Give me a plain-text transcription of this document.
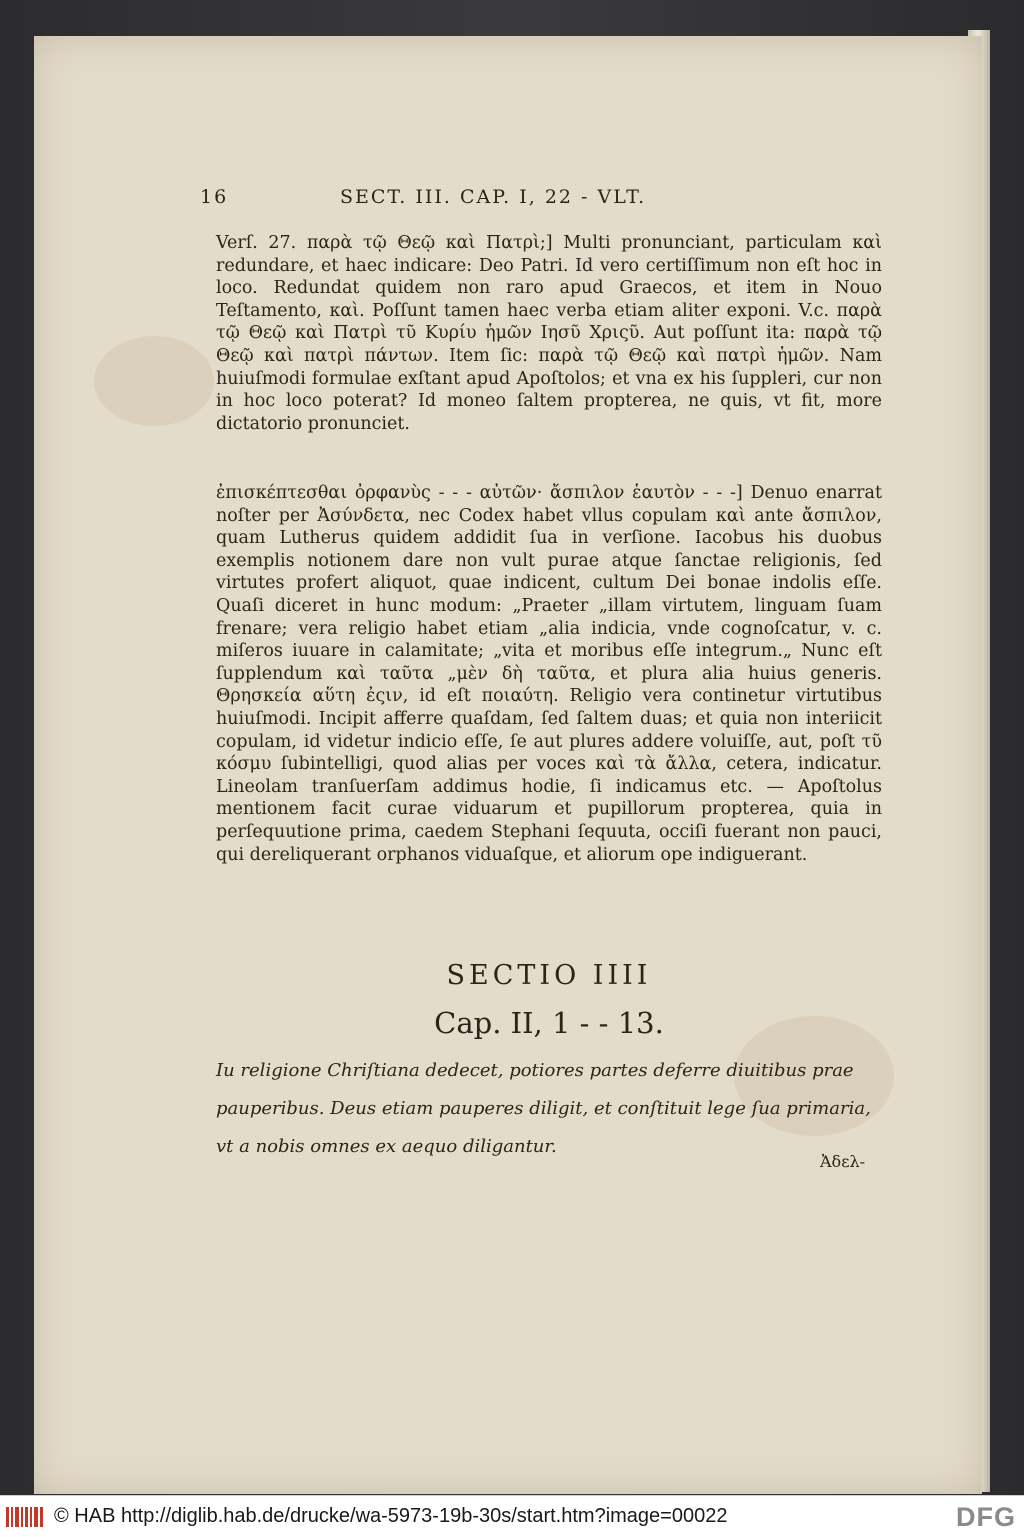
16	SECT. III. CAP. I, 22 - VLT.
Verſ. 27. παρὰ τῷ Θεῷ καὶ Πατρὶ;] Multi pronunciant, particulam καὶ redundare, et haec indicare: Deo Patri. Id vero certiſſimum non eſt hoc in loco. Redundat quidem non raro apud Graecos, et item in Nouo Teſtamento, καὶ. Poſſunt tamen haec verba etiam aliter exponi. V.c. παρὰ τῷ Θεῷ καὶ Πατρὶ τῦ Κυρίυ ἡμῶν Ιησῦ Χριςῦ. Aut poſſunt ita: παρὰ τῷ Θεῷ καὶ πατρὶ πάντων. Item ſic: παρὰ τῷ Θεῷ καὶ πατρὶ ἡμῶν. Nam huiuſmodi formulae exſtant apud Apoſtolos; et vna ex his ſuppleri, cur non in hoc loco poterat? Id moneo ſaltem propterea, ne quis, vt fit, more dictatorio pronunciet.
ἐπισκέπτεσθαι ὀρφανὺς - - - αὐτῶν· ἄσπιλον ἑαυτὸν - - -] Denuo enarrat noſter per Ἀσύνδετα, nec Codex habet vllus copulam καὶ ante ἄσπιλον, quam Lutherus quidem addidit ſua in verſione. Iacobus his duobus exemplis notionem dare non vult purae atque ſanctae religionis, ſed virtutes profert aliquot, quae indicent, cultum Dei bonae indolis eſſe. Quaſi diceret in hunc modum: „Praeter „illam virtutem, linguam ſuam frenare; vera religio habet etiam „alia indicia, vnde cognoſcatur, v. c. miſeros iuuare in calamitate; „vita et moribus eſſe integrum.„ Nunc eſt ſupplendum καὶ ταῦτα „μὲν δὴ ταῦτα, et plura alia huius generis. Θρησκεία αὕτη ἐςιν, id eſt ποιαύτη. Religio vera continetur virtutibus huiuſmodi. Incipit afferre quaſdam, ſed ſaltem duas; et quia non interiicit copulam, id videtur indicio eſſe, ſe aut plures addere voluiſſe, aut, poſt τῦ κόσμυ ſubintelligi, quod alias per voces καὶ τὰ ἄλλα, cetera, indicatur. Lineolam tranſuerſam addimus hodie, ſi indicamus etc. — Apoſtolus mentionem facit curae viduarum et pupillorum propterea, quia in perſequutione prima, caedem Stephani ſequuta, occiſi fuerant non pauci, qui dereliquerant orphanos viduaſque, et aliorum ope indiguerant.
SECTIO IIII
Cap. II, 1 - - 13.
Iu religione Chriſtiana dedecet, potiores partes deferre diuitibus prae pauperibus. Deus etiam pauperes diligit, et conſtituit lege ſua primaria, vt a nobis omnes ex aequo diligantur.
Ἀδελ-
© HAB http://diglib.hab.de/drucke/wa-5973-19b-30s/start.htm?image=00022	DFG
